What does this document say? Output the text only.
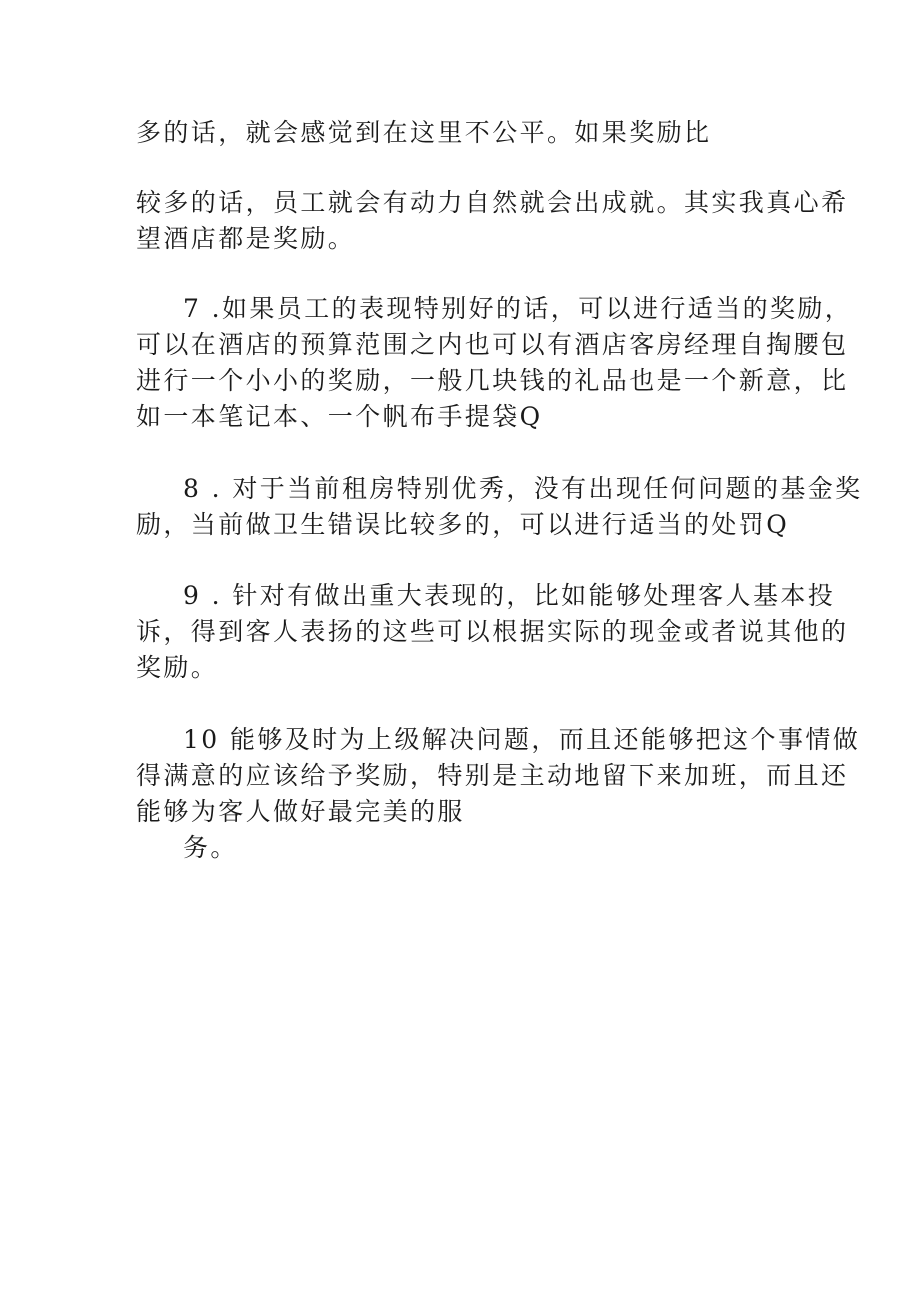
多的话，就会感觉到在这里不公平。如果奖励比
较多的话，员工就会有动力自然就会出成就。其实我真心希
望酒店都是奖励。
7 .如果员工的表现特别好的话，可以进行适当的奖励，
可以在酒店的预算范围之内也可以有酒店客房经理自掏腰包
进行一个小小的奖励，一般几块钱的礼品也是一个新意，比
如一本笔记本、一个帆布手提袋Q
8 . 对于当前租房特别优秀，没有出现任何问题的基金奖
励，当前做卫生错误比较多的，可以进行适当的处罚Q
9 . 针对有做出重大表现的，比如能够处理客人基本投
诉，得到客人表扬的这些可以根据实际的现金或者说其他的
奖励。
10 能够及时为上级解决问题，而且还能够把这个事情做
得满意的应该给予奖励，特别是主动地留下来加班，而且还
能够为客人做好最完美的服
务。
